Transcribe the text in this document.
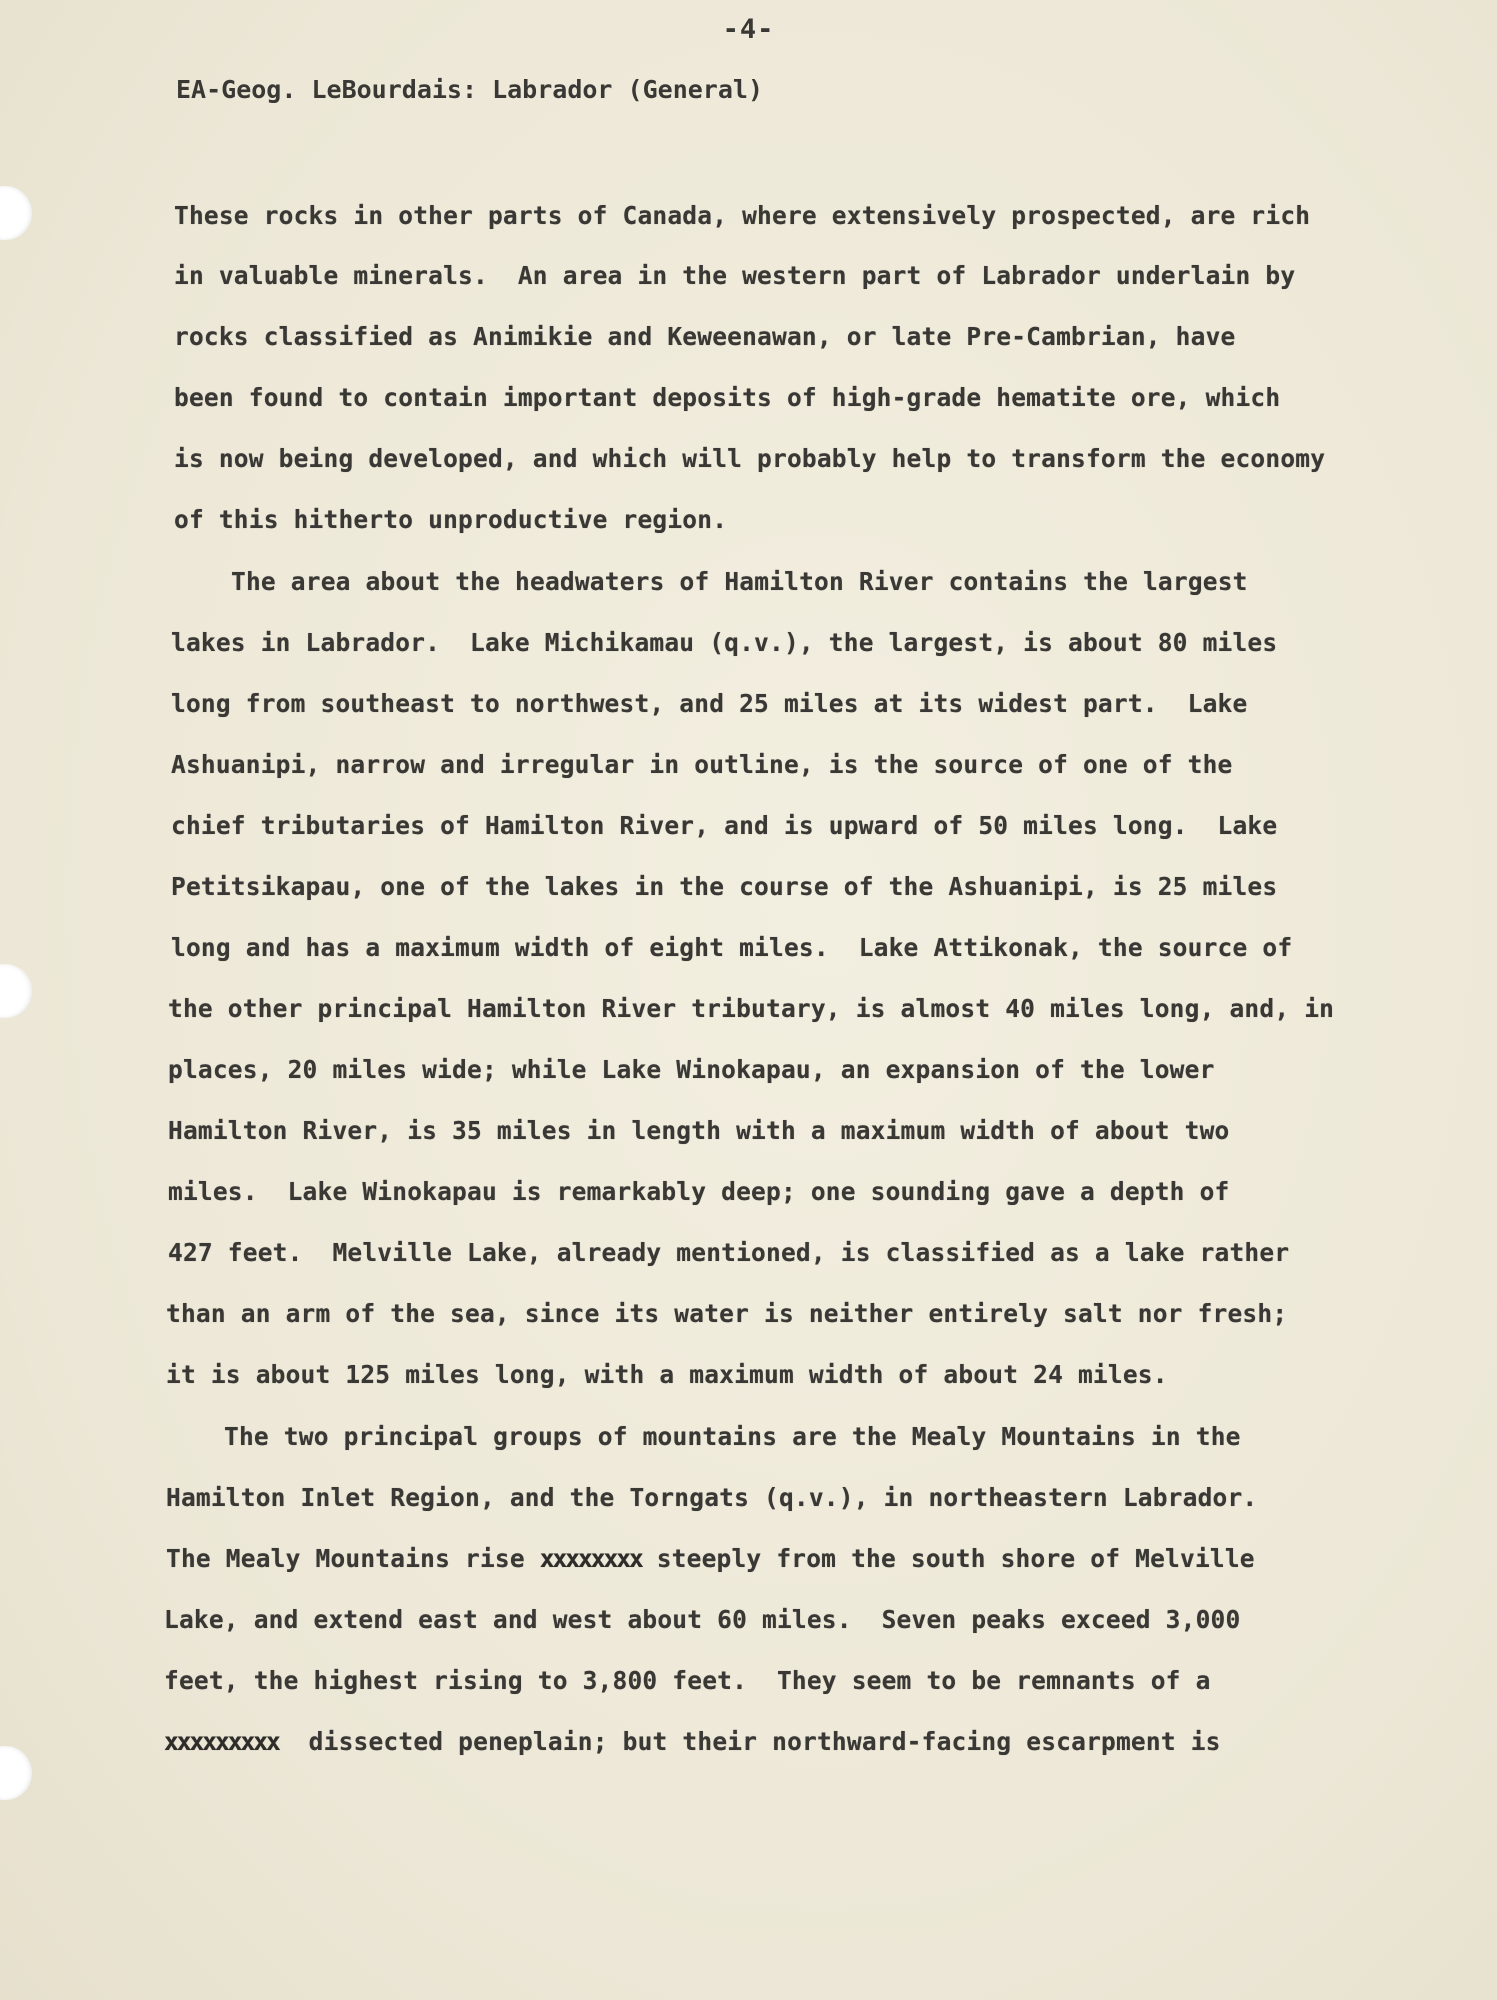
-4-
EA-Geog. LeBourdais: Labrador (General)
These rocks in other parts of Canada, where extensively prospected, are rich
in valuable minerals.  An area in the western part of Labrador underlain by
rocks classified as Animikie and Keweenawan, or late Pre-Cambrian, have
been found to contain important deposits of high-grade hematite ore, which
is now being developed, and which will probably help to transform the economy
of this hitherto unproductive region.
The area about the headwaters of Hamilton River contains the largest
lakes in Labrador.  Lake Michikamau (q.v.), the largest, is about 80 miles
long from southeast to northwest, and 25 miles at its widest part.  Lake
Ashuanipi, narrow and irregular in outline, is the source of one of the
chief tributaries of Hamilton River, and is upward of 50 miles long.  Lake
Petitsikapau, one of the lakes in the course of the Ashuanipi, is 25 miles
long and has a maximum width of eight miles.  Lake Attikonak, the source of
the other principal Hamilton River tributary, is almost 40 miles long, and, in
places, 20 miles wide; while Lake Winokapau, an expansion of the lower
Hamilton River, is 35 miles in length with a maximum width of about two
miles.  Lake Winokapau is remarkably deep; one sounding gave a depth of
427 feet.  Melville Lake, already mentioned, is classified as a lake rather
than an arm of the sea, since its water is neither entirely salt nor fresh;
it is about 125 miles long, with a maximum width of about 24 miles.
The two principal groups of mountains are the Mealy Mountains in the
Hamilton Inlet Region, and the Torngats (q.v.), in northeastern Labrador.
The Mealy Mountains rise xxxxxxxx steeply from the south shore of Melville
Lake, and extend east and west about 60 miles.  Seven peaks exceed 3,000
feet, the highest rising to 3,800 feet.  They seem to be remnants of a
xxxxxxxxx dissected peneplain; but their northward-facing escarpment is
